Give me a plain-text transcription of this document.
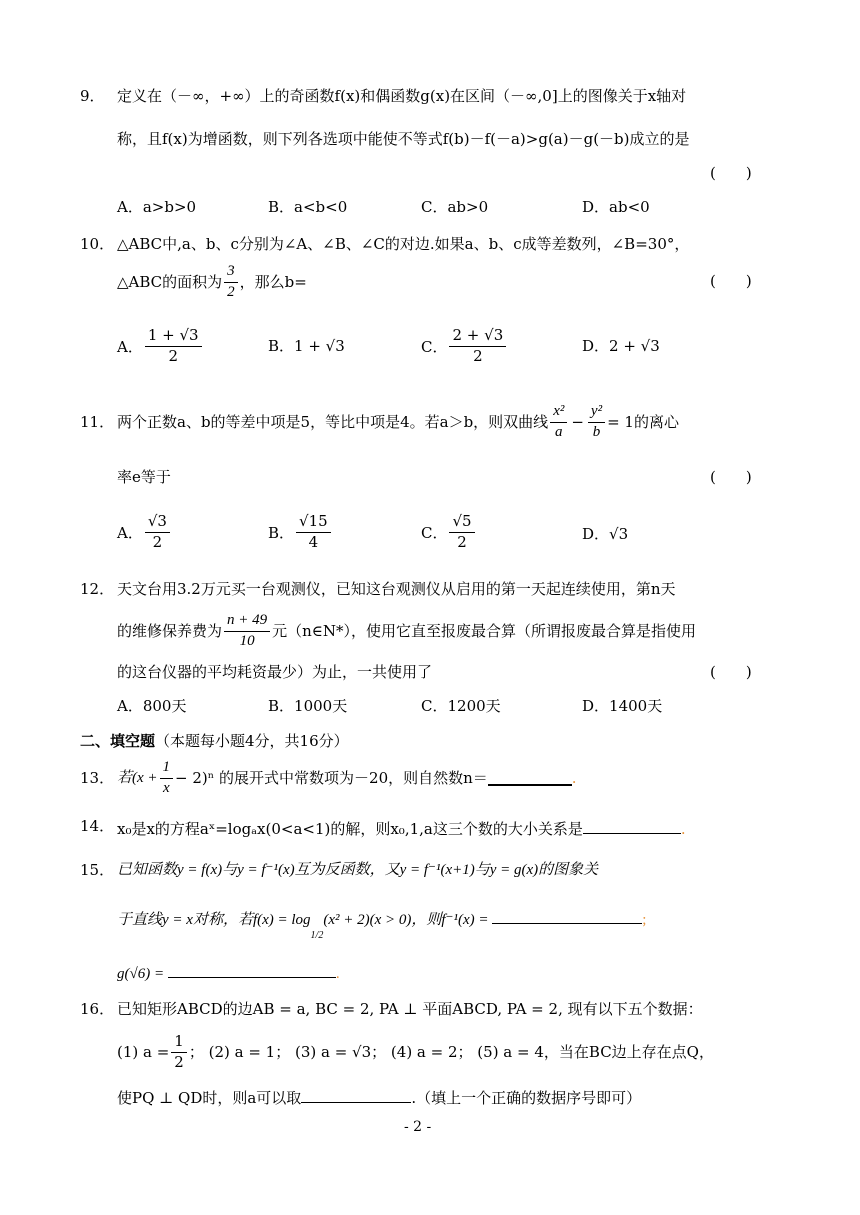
9． 定义在（－∞，+∞）上的奇函数f(x)和偶函数g(x)在区间（－∞,0]上的图像关于x轴对
称，且f(x)为增函数，则下列各选项中能使不等式f(b)－f(－a)>g(a)－g(－b)成立的是
(　　)
A．a>b>0	B．a<b<0	C．ab>0	D．ab<0
10． △ABC中,a、b、c分别为∠A、∠B、∠C的对边.如果a、b、c成等差数列，∠B=30°，
△ABC的面积为 $\frac{3}{2}$ ，那么b=	(　　)
A． $\frac{1 + √3}{2}$	B．1 + √3	C． $\frac{2 + √3}{2}$	D．2 + √3
11． 两个正数a、b的等差中项是5，等比中项是4。若a＞b，则双曲线 $\frac{\text{x²}}{a} - \frac{\text{y²}}{b} = 1$ 的离心
率e等于	(　　)
A． $\frac{√3}{2}$	B． $\frac{√15}{4}$	C． $\frac{√5}{2}$	D．√3
12． 天文台用3.2万元买一台观测仪，已知这台观测仪从启用的第一天起连续使用，第n天
的维修保养费为 $\frac{n + 49}{10}$ 元（n∈N*），使用它直至报废最合算（所谓报废最合算是指使用
的这台仪器的平均耗资最少）为止，一共使用了	(　　)
A．800天	B．1000天	C．1200天	D．1400天
二、填空题（本题每小题4分，共16分）
13． 若$(x + \frac{1}{x} - 2)^n$ 的展开式中常数项为－20，则自然数n＝	.
14． x₀是x的方程aˣ=logₐx(0<a<1)的解，则x₀,1,a这三个数的大小关系是	.
15． 已知函数y = f(x)与y = f⁻¹(x)互为反函数，又y = f⁻¹(x+1)与y = g(x)的图象关
于直线y = x对称，若$f(x) = \log_{1/2}(x^2 + 2)(x > 0)$，则f⁻¹(x) =	;
g(√6) =	.
16． 已知矩形ABCD的边AB = a, BC = 2, PA ⊥ 平面ABCD, PA = 2, 现有以下五个数据：
(1) $a = \frac{1}{2}$ ； (2) a = 1； (3) a = √3； (4) a = 2； (5) a = 4，当在BC边上存在点Q，
使PQ ⊥ QD时，则a可以取	.（填上一个正确的数据序号即可）
- 2 -
